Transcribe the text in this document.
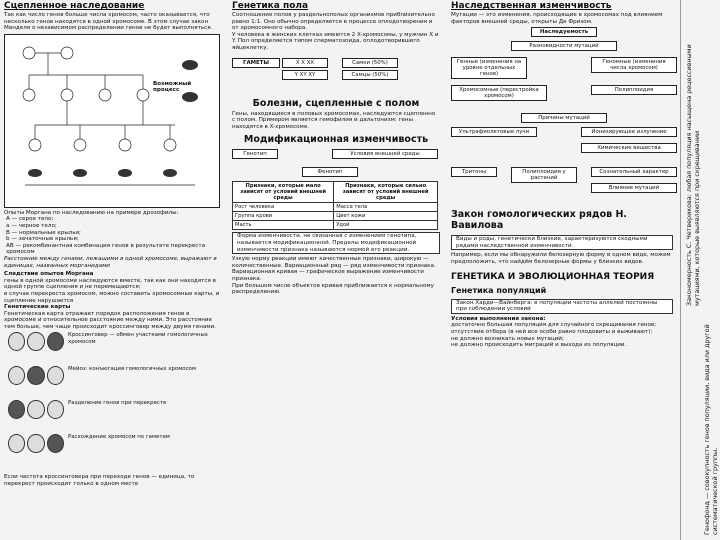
Сцепленное наследование
Так как число генов больше числа хромосом, часто оказывается, что несколько генов находятся в одной хромосоме. В этом случае закон Менделя о независимом распределении генов не будет выполняться.
Возможный процесс
Опыты Моргана по наследованию на примере дрозофилы:
A — серое тело;
a — черное тело;
B — нормальные крылья;
b — зачаточные крылья;
АВ — рекомбинантная комбинация генов в результате перекреста хромосом
Расстояние между генами, лежащими в одной хромосоме, выражают в единицах, названных морганидами
Следствие опытов Моргана
• гены в одной хромосоме наследуются вместе, так как они находятся в одной группе сцепления и не перемещаются;
• в случае перекреста хромосом, можно составить хромосомные карты, и сцепление нарушается
Генетические карты
Генетическая карта отражает порядок расположения генов в хромосоме и относительное расстояние между ними. Это расстояние тем больше, чем чаще происходит кроссинговер между двумя генами.
Кроссинговер — обмен участками гомологичных хромосом
Мейоз: конъюгация гомологичных хромосом
Разделение генов при перекресте
Расхождение хромосом по гаметам
Если частота кроссинговера при переходе генов — единица, то перекрест происходит только в одном месте
Генетика пола
Соотношение полов у раздельнополых организмов приблизительно равно 1:1. Оно обычно определяется в процессе оплодотворения и от хромосомного набора.
У человека в женских клетках имеются 2 X-хромосомы, у мужчин X и Y. Пол определяется типом сперматозоида, оплодотворившего яйцеклетку.
ГАМЕТЫ	X X XX
Y XY XY
Самки (50%)
Самцы (50%)
Болезни, сцепленные с полом
Гены, находящиеся в половых хромосомах, наследуются сцепленно с полом. Примером является гемофилия и дальтонизм: гены находятся в X-хромосоме.
Модификационная изменчивость
Генотип	Условия внешней среды
Фенотип
Признаки, которые мало зависят от условий внешней среды	Признаки, которые сильно зависят от условий внешней среды
Рост человека	Масса тела
Группа крови	Цвет кожи
Масть	Удой
Форма изменчивости, не связанная с изменением генотипа, называется модификационной. Пределы модификационной изменчивости признака называются нормой его реакции.
Узкую норму реакции имеют качественные признаки, широкую — количественные. Вариационный ряд — ряд изменчивости признака. Вариационная кривая — графическое выражение изменчивости признака.
При большом числе объектов кривая приближается к нормальному распределению.
Наследственная изменчивость
Мутации — это изменения, происходящие в хромосомах под влиянием факторов внешней среды, открыты Де Фризом.
Наследуемость
Разновидности мутаций
Генные (изменения на уровне отдельных генов)
Геномные (изменения числа хромосом)
Хромосомные (перестройка хромосом)
Полиплоидия
Причины мутаций
Ультрафиолетовые лучи	Ионизирующее излучение
Химические вещества
Тритоны	Полиплоидия у растений
Сознательный характер
Влияние мутаций
Закон гомологических рядов Н. Вавилова
Виды и роды, генетически близкие, характеризуются сходными рядами наследственной изменчивости.
Например, если мы обнаружили белозерную форму в одном виде, можем предположить, что найдём белозерные формы у близких видов.
ГЕНЕТИКА И ЭВОЛЮЦИОННАЯ ТЕОРИЯ
Генетика популяций
Закон Харди—Вайнберга: в популяции частоты аллелей постоянны при соблюдении условий
Условия выполнения закона:
• достаточно большая популяция для случайного скрещивания генов;
• отсутствие отбора (в ней все особи равно плодовиты и выживают);
• не должно возникать новых мутаций;
• не должно происходить миграций и выхода из популяции.
Закономерность С. Четверикова: любая популяция насыщена рецессивными мутациями, которые выявляются при скрещивании
Генофонд — совокупность генов популяции, вида или другой систематической группы.
